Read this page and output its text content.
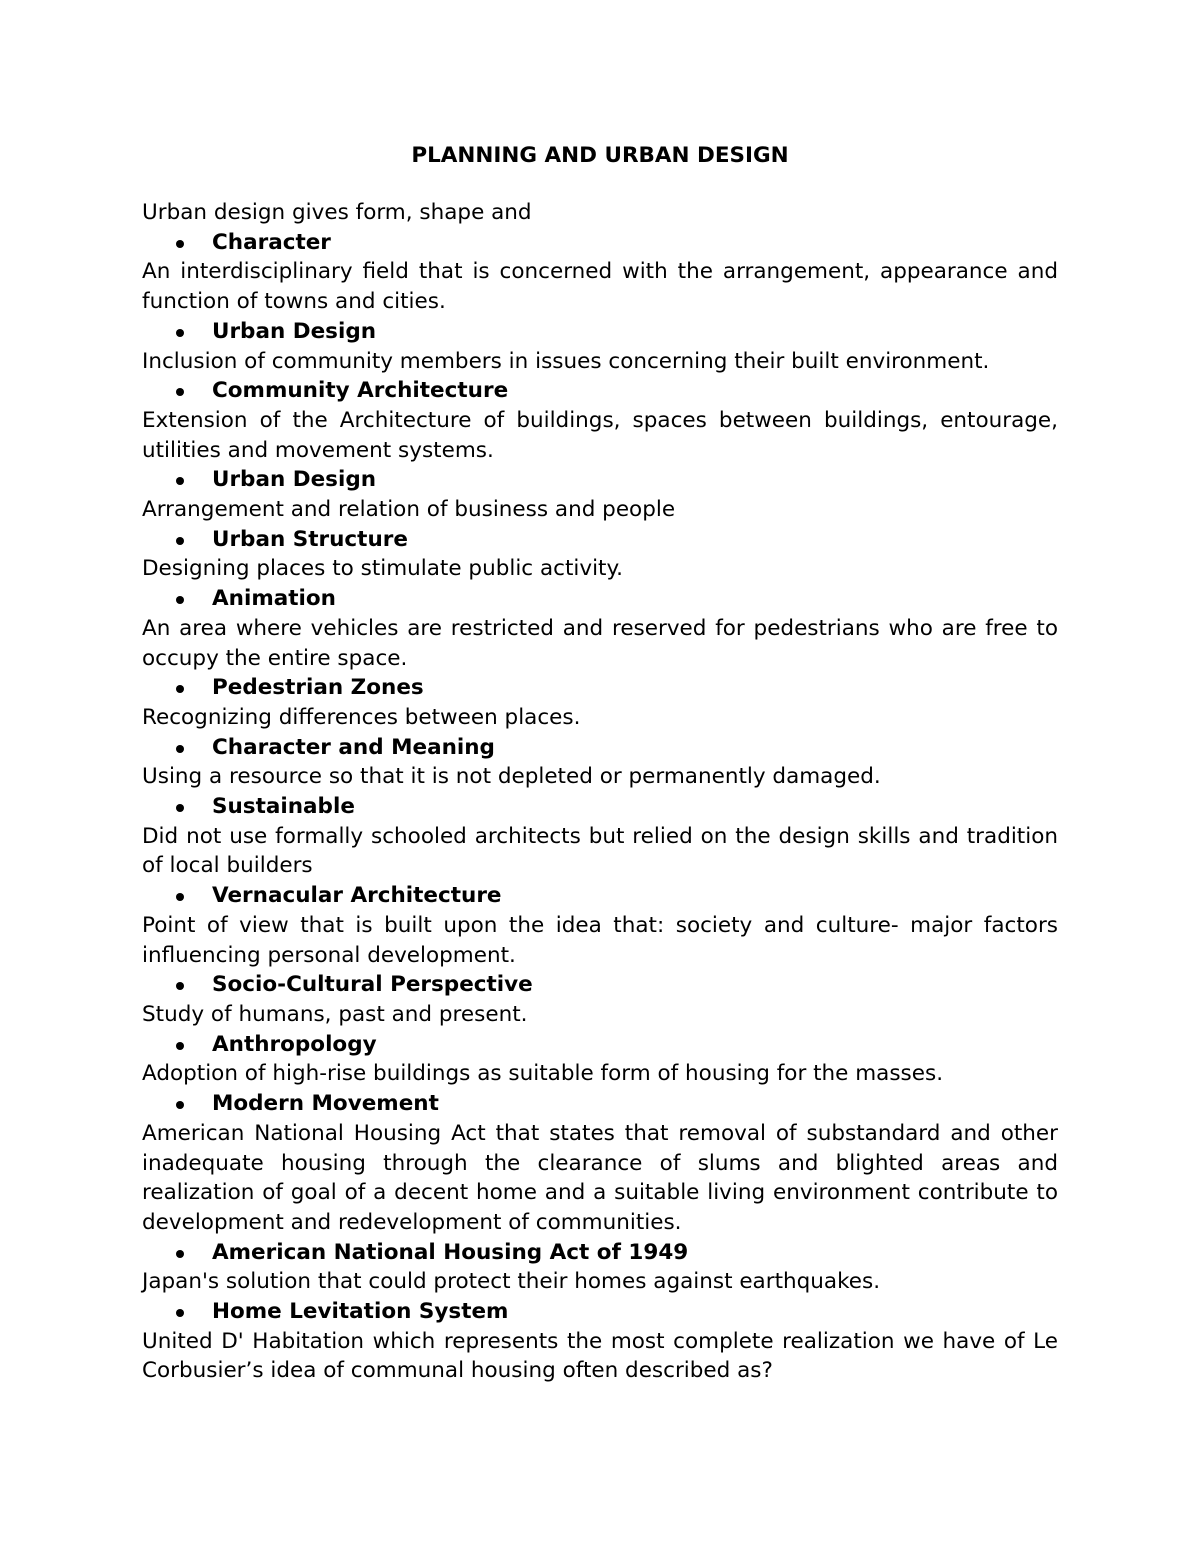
PLANNING AND URBAN DESIGN

Urban design gives form, shape and

Character

An interdisciplinary field that is concerned with the arrangement, appearance and function of towns and cities.

Urban Design

Inclusion of community members in issues concerning their built environment.

Community Architecture

Extension of the Architecture of buildings, spaces between buildings, entourage, utilities and movement systems.

Urban Design

Arrangement and relation of business and people

Urban Structure

Designing places to stimulate public activity.

Animation

An area where vehicles are restricted and reserved for pedestrians who are free to occupy the entire space.

Pedestrian Zones

Recognizing differences between places.

Character and Meaning

Using a resource so that it is not depleted or permanently damaged.

Sustainable

Did not use formally schooled architects but relied on the design skills and tradition of local builders

Vernacular Architecture

Point of view that is built upon the idea that: society and culture- major factors influencing personal development.

Socio-Cultural Perspective

Study of humans, past and present.

Anthropology

Adoption of high-rise buildings as suitable form of housing for the masses.

Modern Movement

American National Housing Act that states that removal of substandard and other inadequate housing through the clearance of slums and blighted areas and realization of goal of a decent home and a suitable living environment contribute to development and redevelopment of communities.

American National Housing Act of 1949

Japan's solution that could protect their homes against earthquakes.

Home Levitation System

United D' Habitation which represents the most complete realization we have of Le Corbusier’s idea of communal housing often described as?
